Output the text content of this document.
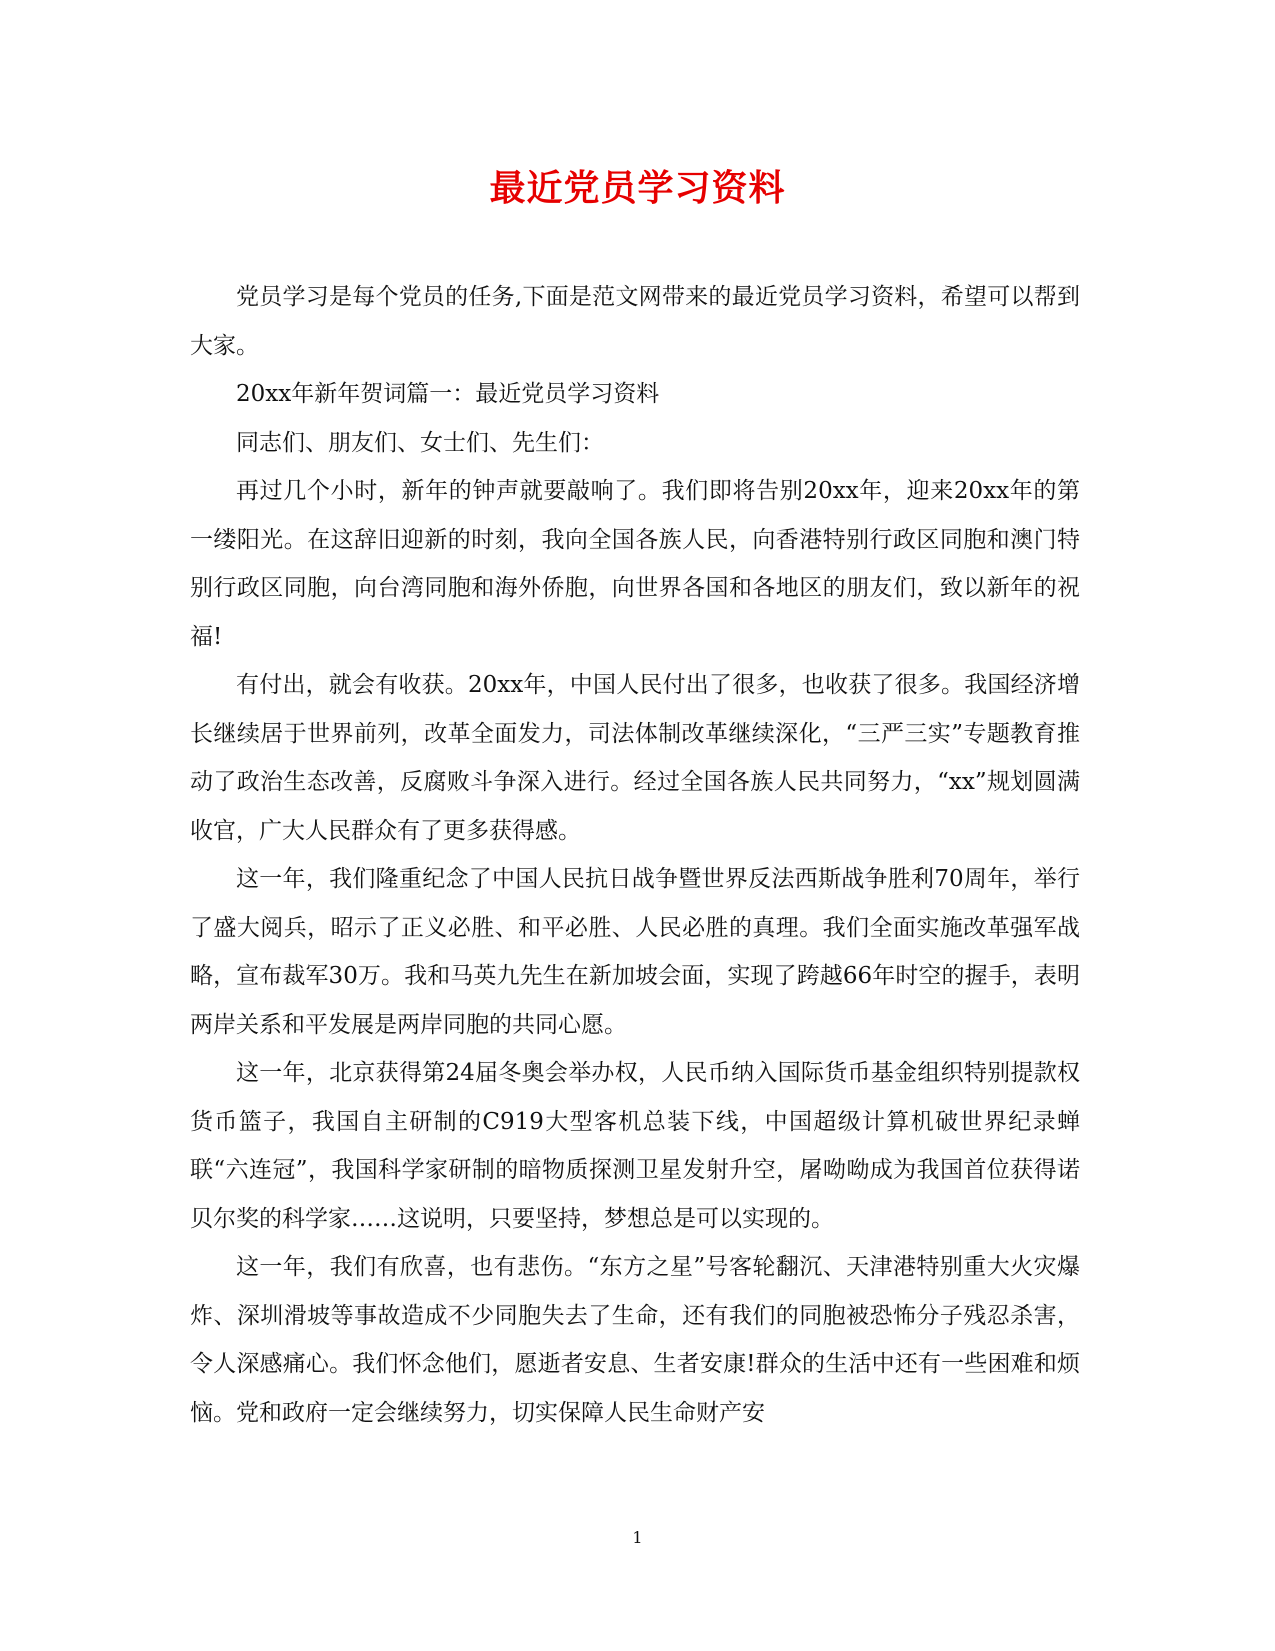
最近党员学习资料

党员学习是每个党员的任务,下面是范文网带来的最近党员学习资料，希望可以帮到大家。

20xx年新年贺词篇一：最近党员学习资料

同志们、朋友们、女士们、先生们：

再过几个小时，新年的钟声就要敲响了。我们即将告别20xx年，迎来20xx年的第一缕阳光。在这辞旧迎新的时刻，我向全国各族人民，向香港特别行政区同胞和澳门特别行政区同胞，向台湾同胞和海外侨胞，向世界各国和各地区的朋友们，致以新年的祝福!

有付出，就会有收获。20xx年，中国人民付出了很多，也收获了很多。我国经济增长继续居于世界前列，改革全面发力，司法体制改革继续深化，“三严三实”专题教育推动了政治生态改善，反腐败斗争深入进行。经过全国各族人民共同努力，“xx”规划圆满收官，广大人民群众有了更多获得感。

这一年，我们隆重纪念了中国人民抗日战争暨世界反法西斯战争胜利70周年，举行了盛大阅兵，昭示了正义必胜、和平必胜、人民必胜的真理。我们全面实施改革强军战略，宣布裁军30万。我和马英九先生在新加坡会面，实现了跨越66年时空的握手，表明两岸关系和平发展是两岸同胞的共同心愿。

这一年，北京获得第24届冬奥会举办权，人民币纳入国际货币基金组织特别提款权货币篮子，我国自主研制的C919大型客机总装下线，中国超级计算机破世界纪录蝉联“六连冠”，我国科学家研制的暗物质探测卫星发射升空，屠呦呦成为我国首位获得诺贝尔奖的科学家……这说明，只要坚持，梦想总是可以实现的。

这一年，我们有欣喜，也有悲伤。“东方之星”号客轮翻沉、天津港特别重大火灾爆炸、深圳滑坡等事故造成不少同胞失去了生命，还有我们的同胞被恐怖分子残忍杀害，令人深感痛心。我们怀念他们，愿逝者安息、生者安康!群众的生活中还有一些困难和烦恼。党和政府一定会继续努力，切实保障人民生命财产安

1
